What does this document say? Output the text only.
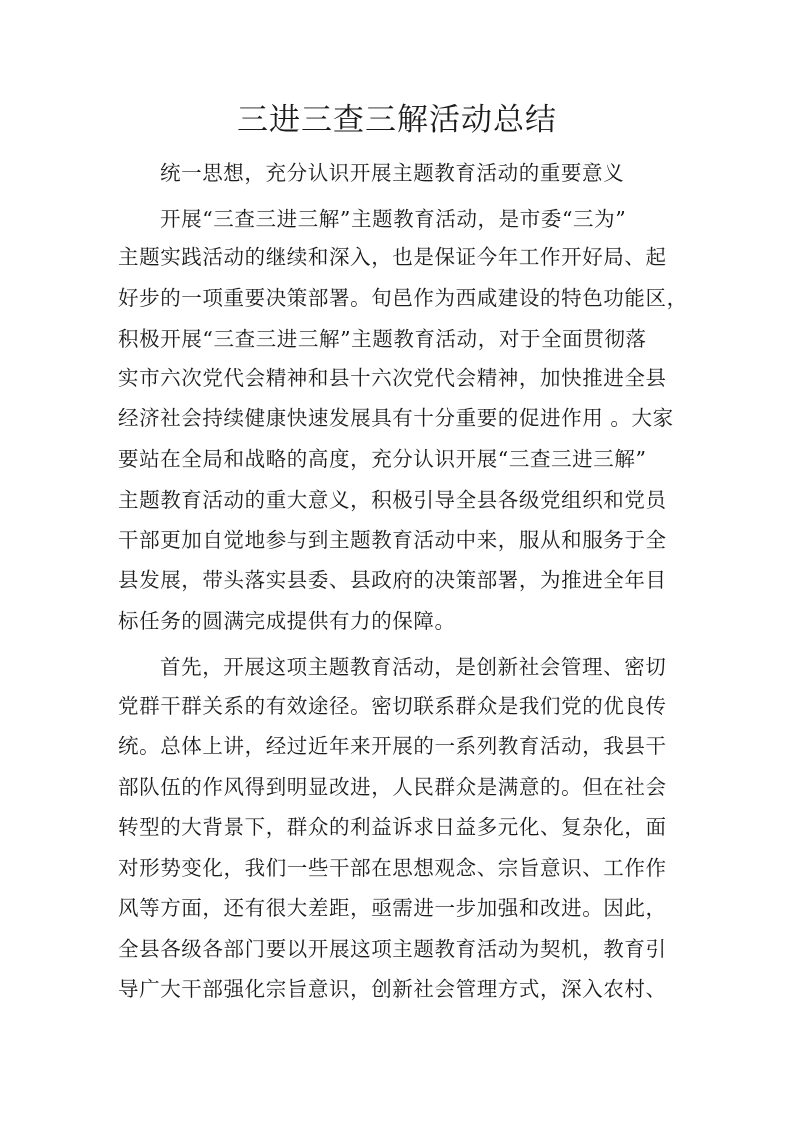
三进三查三解活动总结
统一思想，充分认识开展主题教育活动的重要意义
开展“三查三进三解”主题教育活动，是市委“三为”
主题实践活动的继续和深入，也是保证今年工作开好局、起
好步的一项重要决策部署。旬邑作为西咸建设的特色功能区，
积极开展“三查三进三解”主题教育活动，对于全面贯彻落
实市六次党代会精神和县十六次党代会精神，加快推进全县
经济社会持续健康快速发展具有十分重要的促进作用 。大家
要站在全局和战略的高度，充分认识开展“三查三进三解”
主题教育活动的重大意义，积极引导全县各级党组织和党员
干部更加自觉地参与到主题教育活动中来，服从和服务于全
县发展，带头落实县委、县政府的决策部署，为推进全年目
标任务的圆满完成提供有力的保障。
首先，开展这项主题教育活动，是创新社会管理、密切
党群干群关系的有效途径。密切联系群众是我们党的优良传
统。总体上讲，经过近年来开展的一系列教育活动，我县干
部队伍的作风得到明显改进，人民群众是满意的。但在社会
转型的大背景下，群众的利益诉求日益多元化、复杂化，面
对形势变化，我们一些干部在思想观念、宗旨意识、工作作
风等方面，还有很大差距，亟需进一步加强和改进。因此，
全县各级各部门要以开展这项主题教育活动为契机，教育引
导广大干部强化宗旨意识，创新社会管理方式，深入农村、
